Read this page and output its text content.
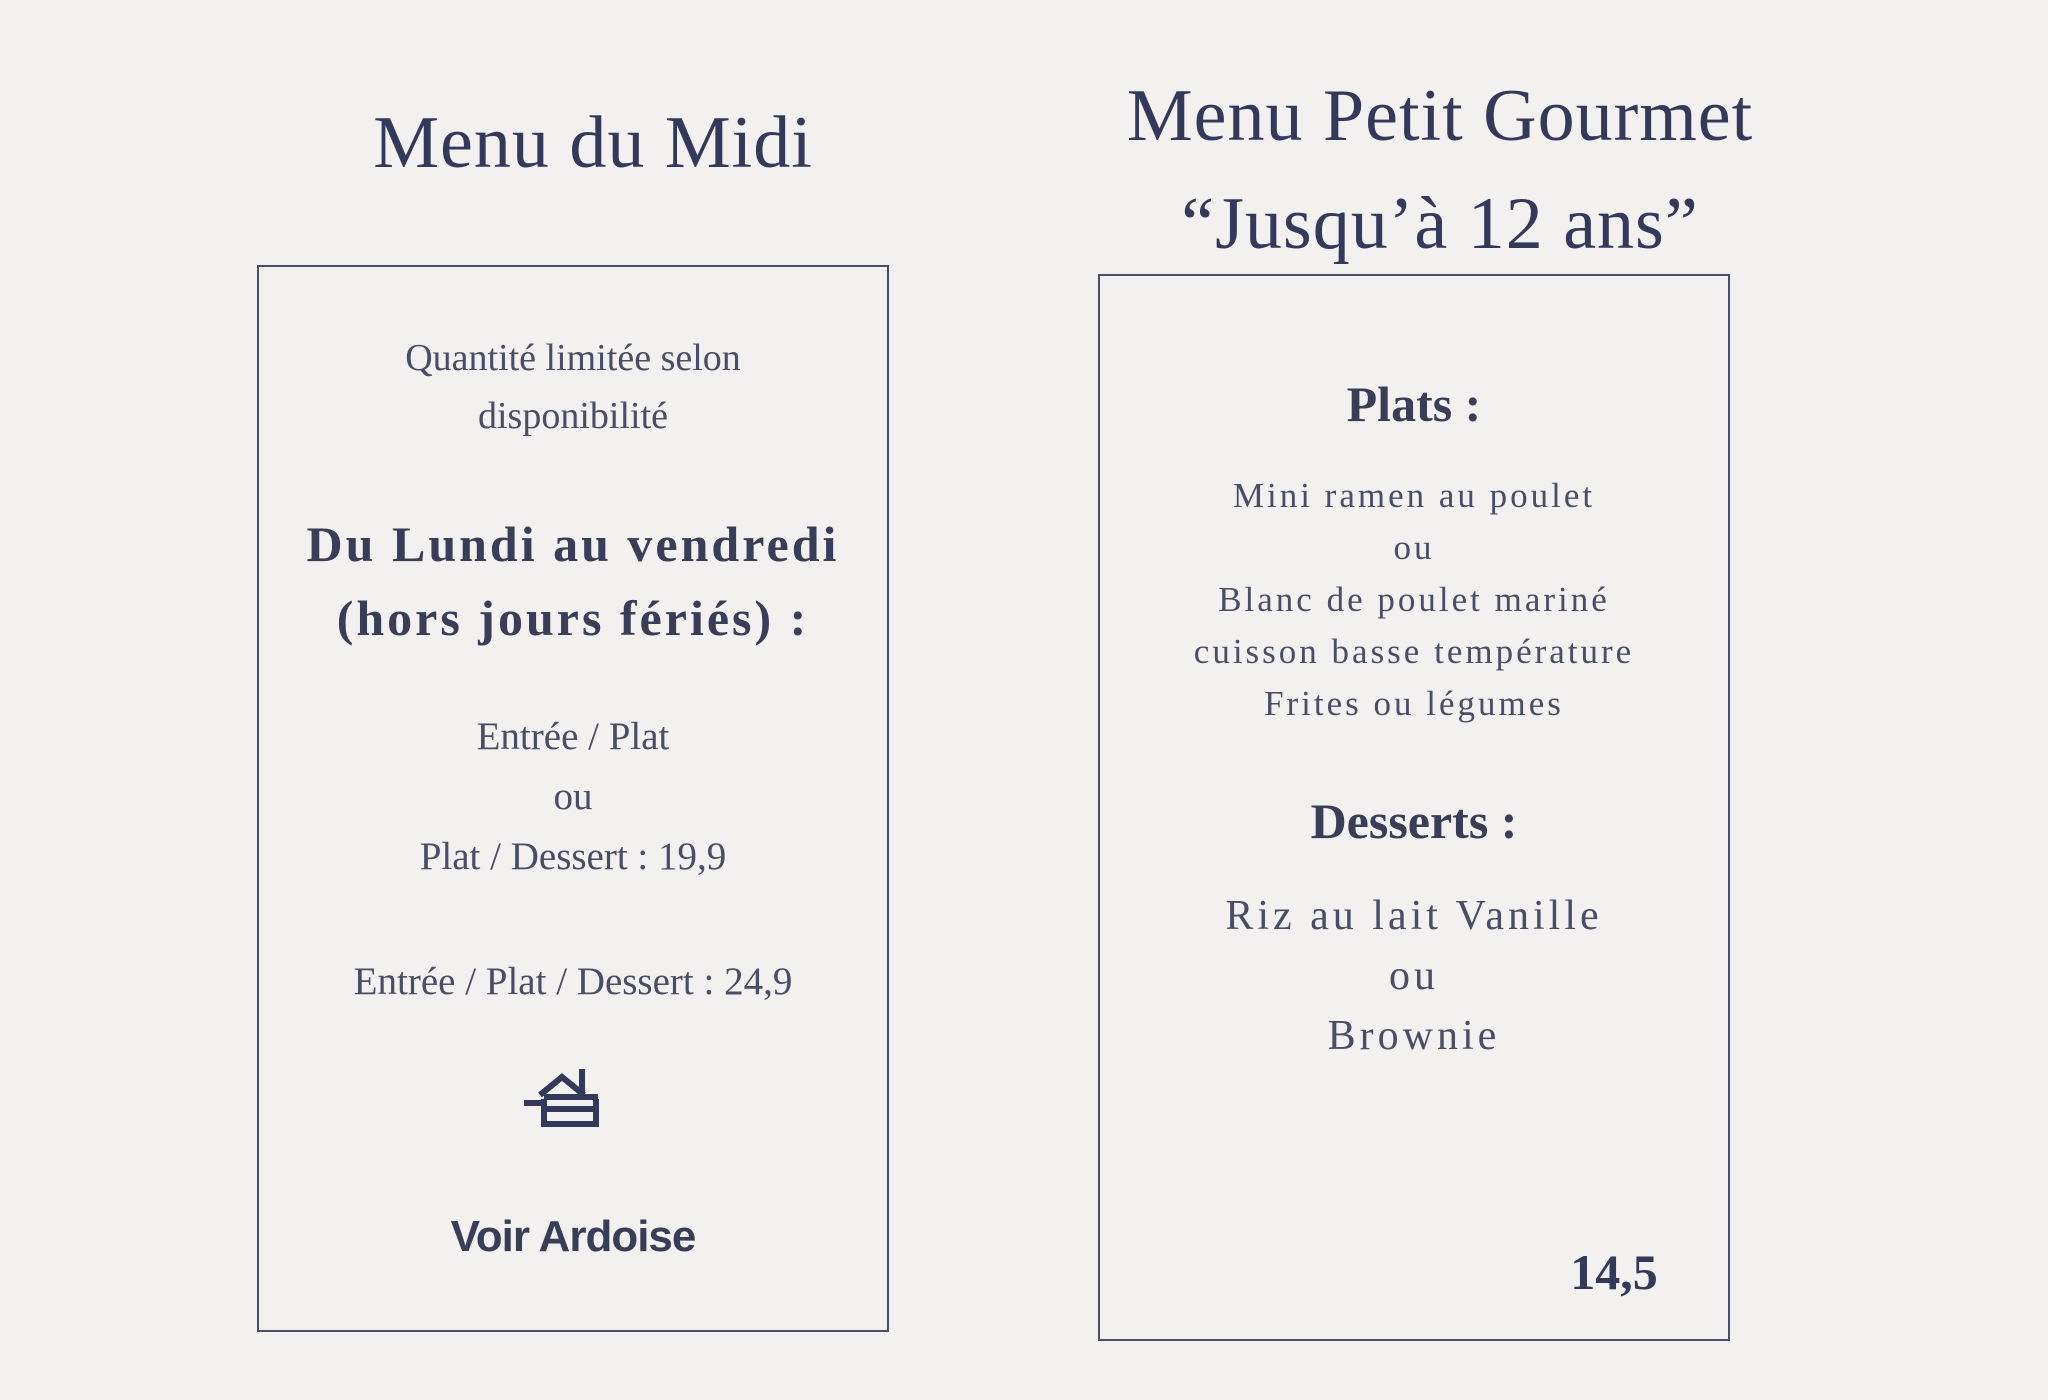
Menu du Midi	Menu Petit Gourmet
“Jusqu’à 12 ans”

Quantité limitée selon
disponibilité

Du Lundi au vendredi
(hors jours fériés) :

Entrée / Plat
ou
Plat / Dessert : 19,9

Entrée / Plat / Dessert : 24,9

Voir Ardoise

Plats :

Mini ramen au poulet
ou
Blanc de poulet mariné
cuisson basse température
Frites ou légumes

Desserts :

Riz au lait Vanille
ou
Brownie

14,5
